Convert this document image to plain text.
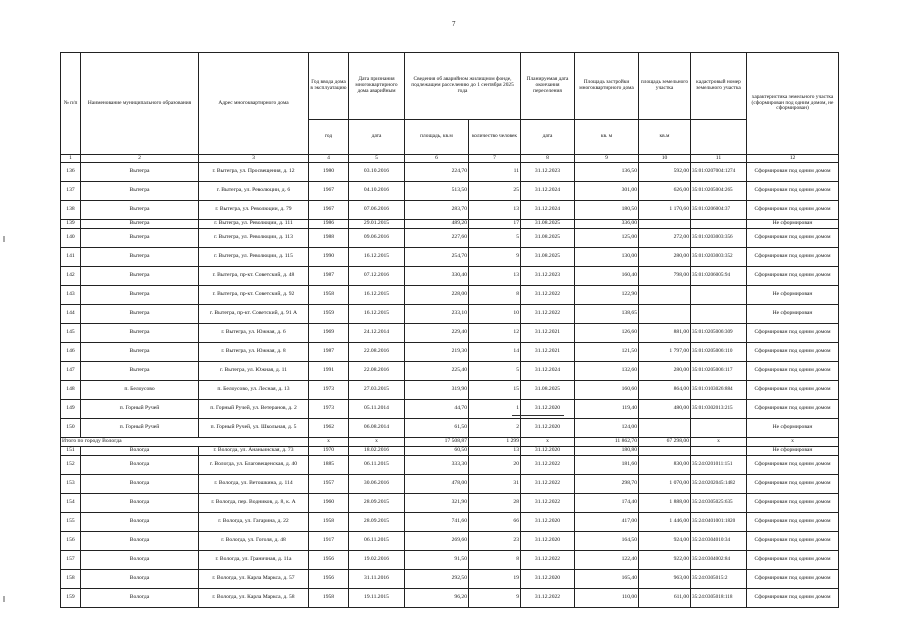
7
№ п/п	Наименование муниципального образования	Адрес многоквартирного дома	Год ввода дома в эксплуатацию	Дата признания многоквартирного дома аварийным	Сведения об аварийном жилищном фонде, подлежащем расселению до 1 сентября 2025 года		Планируемая дата окончания переселения	Площадь застройки многоквартирного дома	площадь земельного участка	кадастровый номер земельного участка	характеристика земельного участка (сформирован под одним домом, не сформирован)
			год	дата	площадь, кв.м	количество человек	дата	кв. м	кв.м		
1	2	3	4	5	6	7	8	9	10	11	12
136	Вытегра	г. Вытегра, ул. Просвещения, д. 12	1980	03.10.2016	224,70	11	31.12.2023	136,50	592,00	35:01:0207004:1274	Сформирован под одним домом
137	Вытегра	г. Вытегра, ул. Революции, д. 6	1967	04.10.2016	513,50	25	31.12.2024	301,00	626,00	35:01:0205004:265	Сформирован под одним домом
138	Вытегра	г. Вытегра, ул. Революции, д. 79	1967	07.06.2016	283,70	13	31.12.2024	180,50	1 170,60	35:01:0206004:37	Сформирован под одним домом
139	Вытегра	г. Вытегра, ул. Революции, д. 111	1986	29.01.2015	489,20	17	31.08.2025	336,00			Не сформирован
140	Вытегра	г. Вытегра, ул. Революции, д. 113	1988	09.06.2016	227,60	5	31.08.2025	125,00	272,00	35:01:0203003:356	Сформирован под одним домом
141	Вытегра	г. Вытегра, ул. Революции, д. 115	1990	16.12.2015	254,70	9	31.08.2025	130,00	280,00	35:01:0203003:352	Сформирован под одним домом
142	Вытегра	г. Вытегра, пр-кт. Советский, д. 48	1987	07.12.2016	330,40	13	31.12.2023	160,40	798,00	35:01:0206005:94	Сформирован под одним домом
143	Вытегра	г. Вытегра, пр-кт. Советский, д. 92	1958	16.12.2015	228,00	8	31.12.2022	122,90			Не сформирован
144	Вытегра	г. Вытегра, пр-кт. Советский, д. 91 А	1959	16.12.2015	233,10	10	31.12.2022	138,65			Не сформирован
145	Вытегра	г. Вытегра, ул. Южная, д. 6	1969	24.12.2014	229,40	12	31.12.2021	126,60	881,00	35:01:0205006:309	Сформирован под одним домом
146	Вытегра	г. Вытегра, ул. Южная, д. 8	1987	22.08.2016	219,30	14	31.12.2021	121,50	1 797,00	35:01:0205006:110	Сформирован под одним домом
147	Вытегра	г. Вытегра, ул. Южная, д. 11	1991	22.08.2016	225,40	5	31.12.2024	132,60	280,00	35:01:0205006:117	Сформирован под одним домом
148	п. Белоусово	п. Белоусово, ул. Лесная, д. 13	1973	27.03.2015	319,90	15	31.08.2025	160,60	864,00	35:01:0103026:884	Сформирован под одним домом
149	п. Горный Ручей	п. Горный Ручей, ул. Ветеранов, д. 2	1973	05.11.2014	44,70	1	31.12.2020	119,40	480,00	35:01:0302013:215	Сформирован под одним домом
150	п. Горный Ручей	п. Горный Ручей, ул. Школьная, д. 5	1962	06.08.2014	61,50	2	31.12.2020	124,00			Не сформирован
Итого по городу Вологда			x	x	17 508,87	1 299	x	11 862,70	67 298,00	x	x
151	Вологда	г. Вологда, ул. Ананьинская, д. 73	1970	18.02.2016	60,50	13	31.12.2020	180,80			Не сформирован
152	Вологда	г. Вологда, ул. Благовещенская, д. 40	1885	06.11.2015	333,30	20	31.12.2022	181,60	830,00	35:24:0201011:151	Сформирован под одним домом
153	Вологда	г. Вологда, ул. Ветошкина, д. 114	1957	30.06.2016	478,00	31	31.12.2022	298,70	1 070,00	35:24:0202045:1482	Сформирован под одним домом
154	Вологда	г. Вологда, пер. Водников, д. 8, к. А	1960	28.09.2015	321,90	28	31.12.2022	174,40	1 888,00	35:24:0305025:635	Сформирован под одним домом
155	Вологда	г. Вологда, ул. Гагарина, д. 22	1958	28.09.2015	741,60	66	31.12.2020	417,00	1 446,00	35:24:0401001:1820	Сформирован под одним домом
156	Вологда	г. Вологда, ул. Гоголя, д. 48	1917	06.11.2015	269,60	23	31.12.2020	164,50	924,00	35:24:0304010:34	Сформирован под одним домом
157	Вологда	г. Вологда, ул. Граничная, д. 11а	1956	19.02.2016	91,50	8	31.12.2022	122,40	922,00	35:24:0304002:84	Сформирован под одним домом
158	Вологда	г. Вологда, ул. Карла Маркса, д. 57	1956	31.11.2016	292,50	19	31.12.2020	165,40	963,00	35:24:0305015:2	Сформирован под одним домом
159	Вологда	г. Вологда, ул. Карла Маркса, д. 58	1958	19.11.2015	96,20	9	31.12.2022	110,00	611,00	35:24:0305018:118	Сформирован под одним домом
